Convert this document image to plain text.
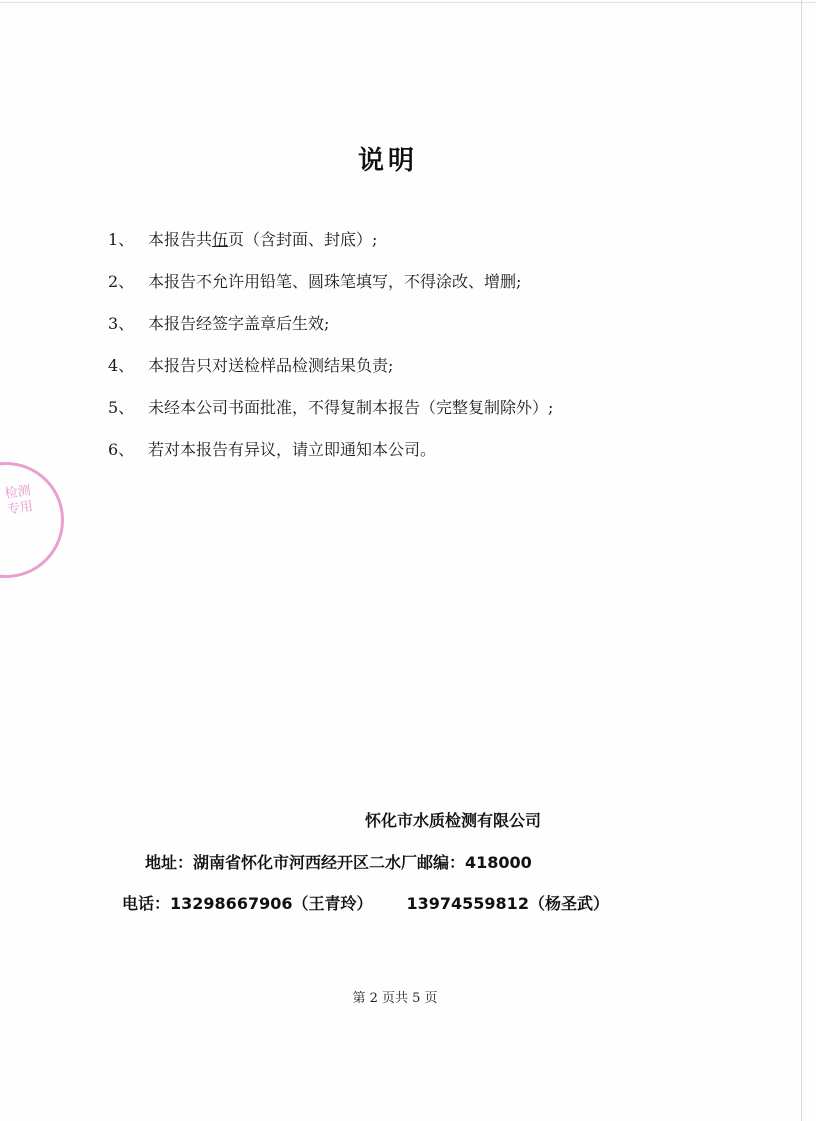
说明
1、 本报告共伍页（含封面、封底）;
2、 本报告不允许用铅笔、圆珠笔填写，不得涂改、增删;
3、 本报告经签字盖章后生效;
4、 本报告只对送检样品检测结果负责;
5、 未经本公司书面批准，不得复制本报告（完整复制除外）;
6、 若对本报告有异议，请立即通知本公司。
检测专用
怀化市水质检测有限公司
地址：湖南省怀化市河西经开区二水厂邮编：418000
电话：13298667906（王青玲） 13974559812（杨圣武）
第 2 页共 5 页
